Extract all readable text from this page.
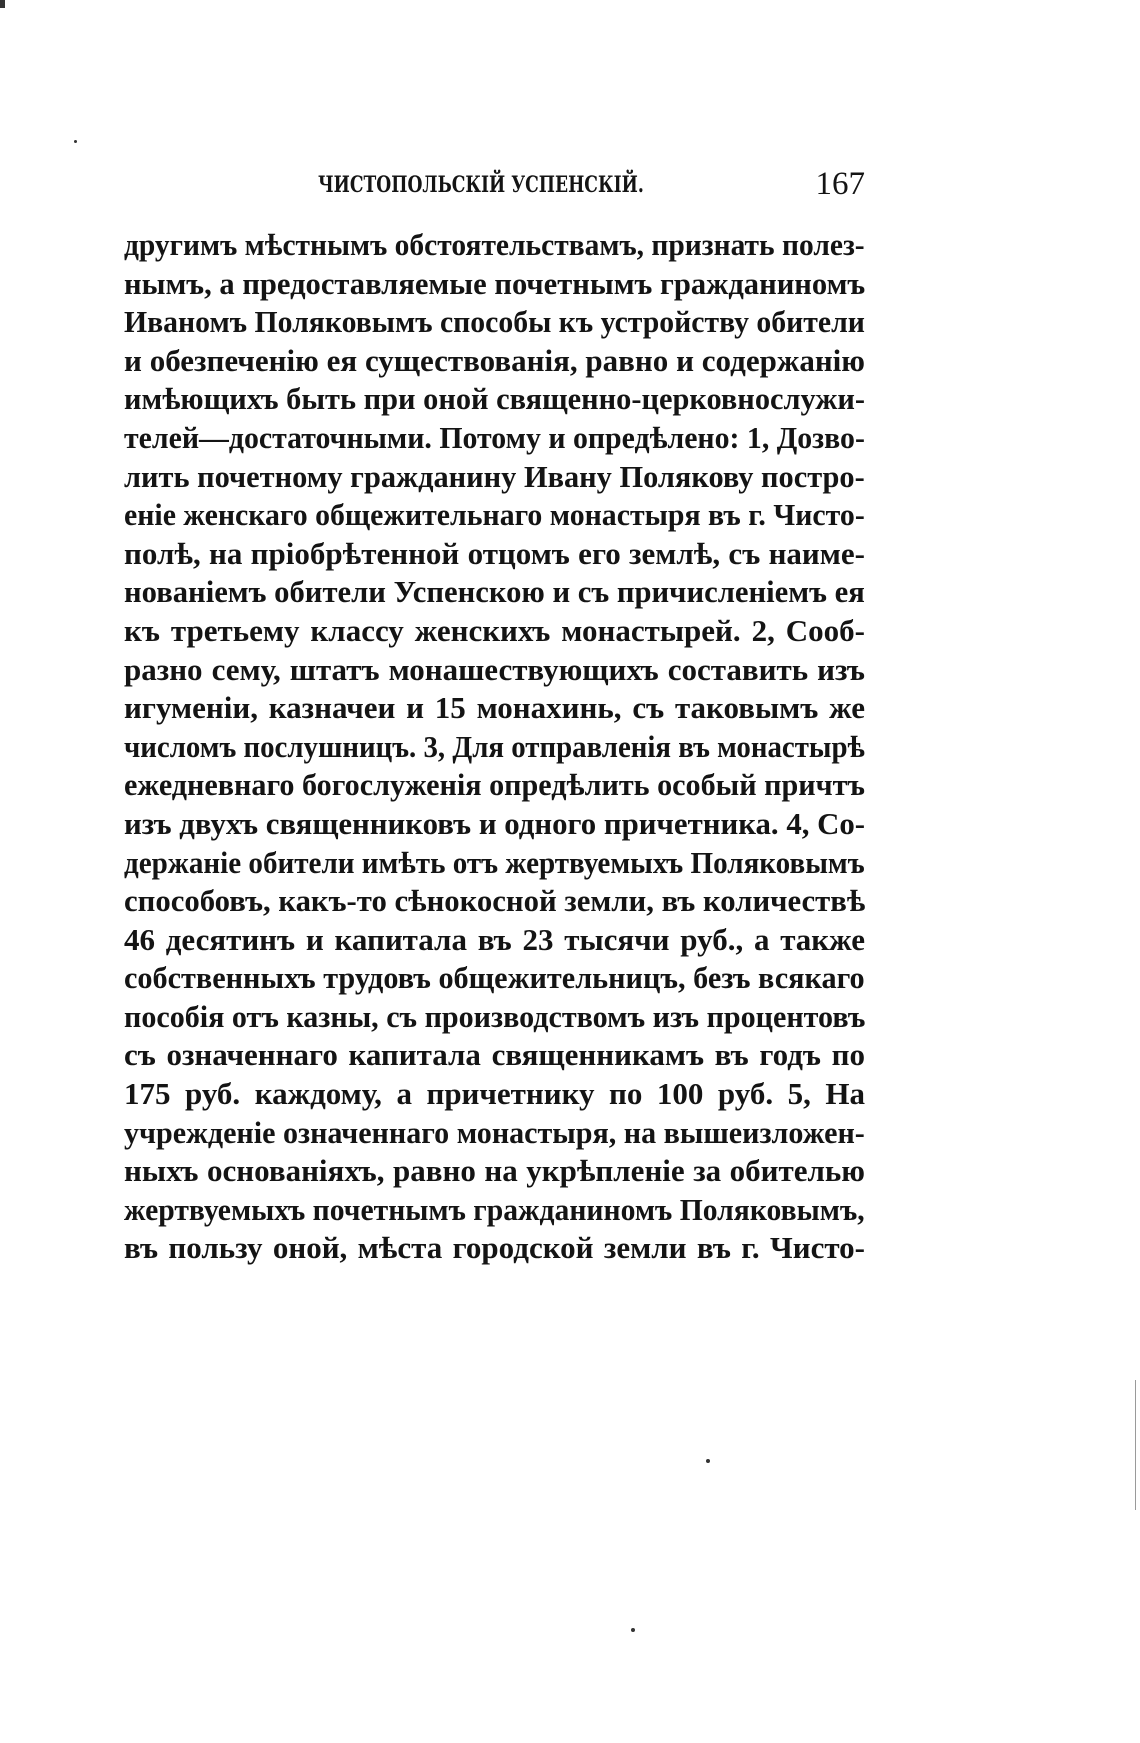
ЧИСТОПОЛЬСКІЙ УСПЕНСКІЙ.	167
другимъ мѣстнымъ обстоятельствамъ, признать полез-
нымъ, а предоставляемые почетнымъ гражданиномъ
Иваномъ Поляковымъ способы къ устройству обители
и обезпеченію ея существованія, равно и содержанію
имѣющихъ быть при оной священно-церковнослужи-
телей—достаточными. Потому и опредѣлено: 1, Дозво-
лить почетному гражданину Ивану Полякову постро-
еніе женскаго общежительнаго монастыря въ г. Чисто-
полѣ, на пріобрѣтенной отцомъ его землѣ, съ наиме-
нованіемъ обители Успенскою и съ причисленіемъ ея
къ третьему классу женскихъ монастырей. 2, Сооб-
разно сему, штатъ монашествующихъ составить изъ
игуменіи, казначеи и 15 монахинь, съ таковымъ же
числомъ послушницъ. 3, Для отправленія въ монастырѣ
ежедневнаго богослуженія опредѣлить особый причтъ
изъ двухъ священниковъ и одного причетника. 4, Со-
держаніе обители имѣть отъ жертвуемыхъ Поляковымъ
способовъ, какъ-то сѣнокосной земли, въ количествѣ
46 десятинъ и капитала въ 23 тысячи руб., а также
собственныхъ трудовъ общежительницъ, безъ всякаго
пособія отъ казны, съ производствомъ изъ процентовъ
съ означеннаго капитала священникамъ въ годъ по
175 руб. каждому, а причетнику по 100 руб. 5, На
учрежденіе означеннаго монастыря, на вышеизложен-
ныхъ основаніяхъ, равно на укрѣпленіе за обителью
жертвуемыхъ почетнымъ гражданиномъ Поляковымъ,
въ пользу оной, мѣста городской земли въ г. Чисто-
